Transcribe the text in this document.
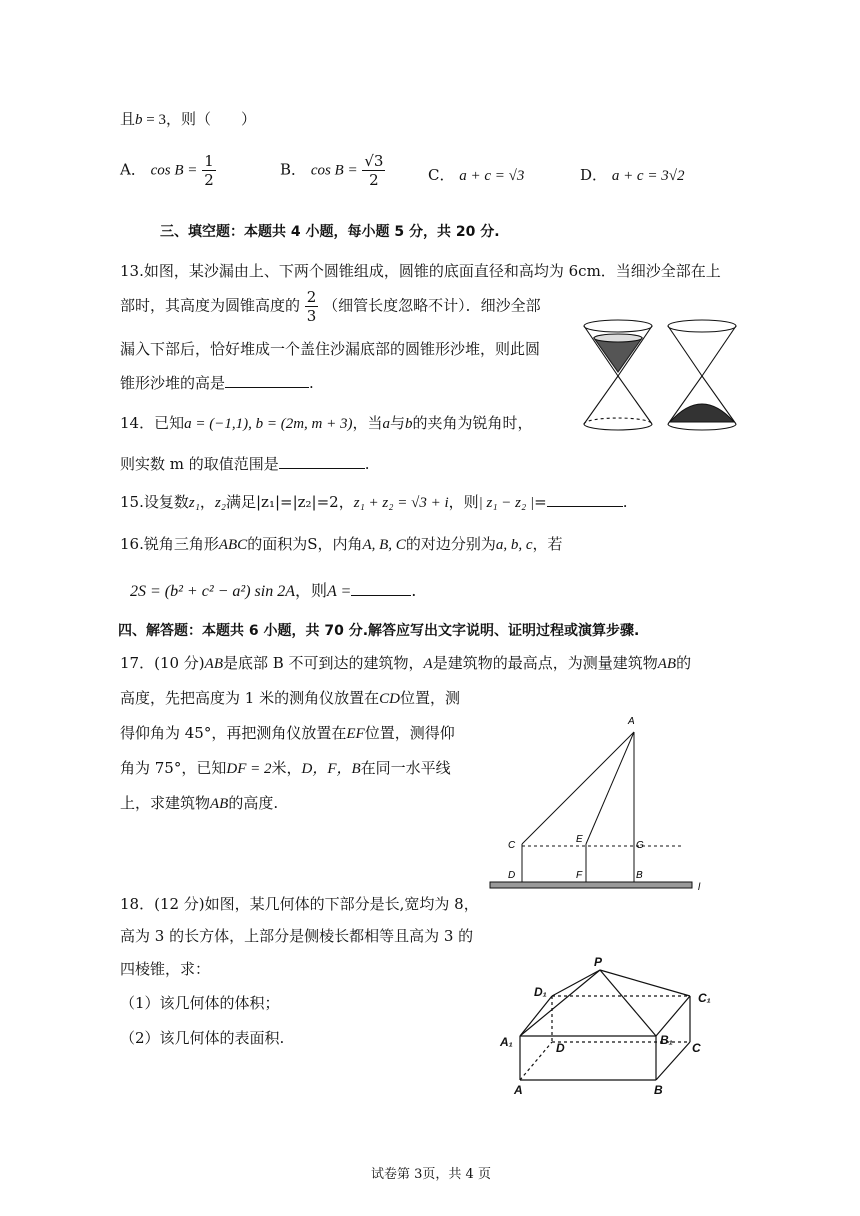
且b = 3，则（　　）
A． $\cos B = \frac{1}{2}$	B． $\cos B = \frac{√3}{2}$	C． a + c = √3	D． a + c = 3√2
三、填空题：本题共 4 小题，每小题 5 分，共 20 分.
13.如图，某沙漏由上、下两个圆锥组成，圆锥的底面直径和高均为 6cm．当细沙全部在上
部时，其高度为圆锥高度的 $\frac{2}{3}$ （细管长度忽略不计）．细沙全部
漏入下部后，恰好堆成一个盖住沙漏底部的圆锥形沙堆，则此圆
锥形沙堆的高是	.
14．已知a = (−1,1), b = (2m, m + 3)，当a与b的夹角为锐角时，
则实数 m 的取值范围是	.
15.设复数z₁，z₂满足|z₁|=|z₂|=2，z₁ + z₂ = √3 + i，则| z₁ − z₂ |=	.
16.锐角三角形ABC的面积为S，内角A, B, C的对边分别为a, b, c，若
2S = (b² + c² − a²) sin 2A，则A =	.
四、解答题：本题共 6 小题，共 70 分.解答应写出文字说明、证明过程或演算步骤.
17．(10 分)AB是底部 B 不可到达的建筑物，A是建筑物的最高点，为测量建筑物AB的
高度，先把高度为 1 米的测角仪放置在CD位置，测
得仰角为 45°，再把测角仪放置在EF位置，测得仰
角为 75°，已知DF = 2米，D，F，B在同一水平线
上，求建筑物AB的高度.
A
C
E
G
D	F	B
l
18．(12 分)如图，某几何体的下部分是长,宽均为 8，
高为 3 的长方体，上部分是侧棱长都相等且高为 3 的
四棱锥，求：
（1）该几何体的体积；
（2）该几何体的表面积.
P
D₁	C₁
A₁	D
B₁
C
A	B
试卷第 3页，共 4 页
